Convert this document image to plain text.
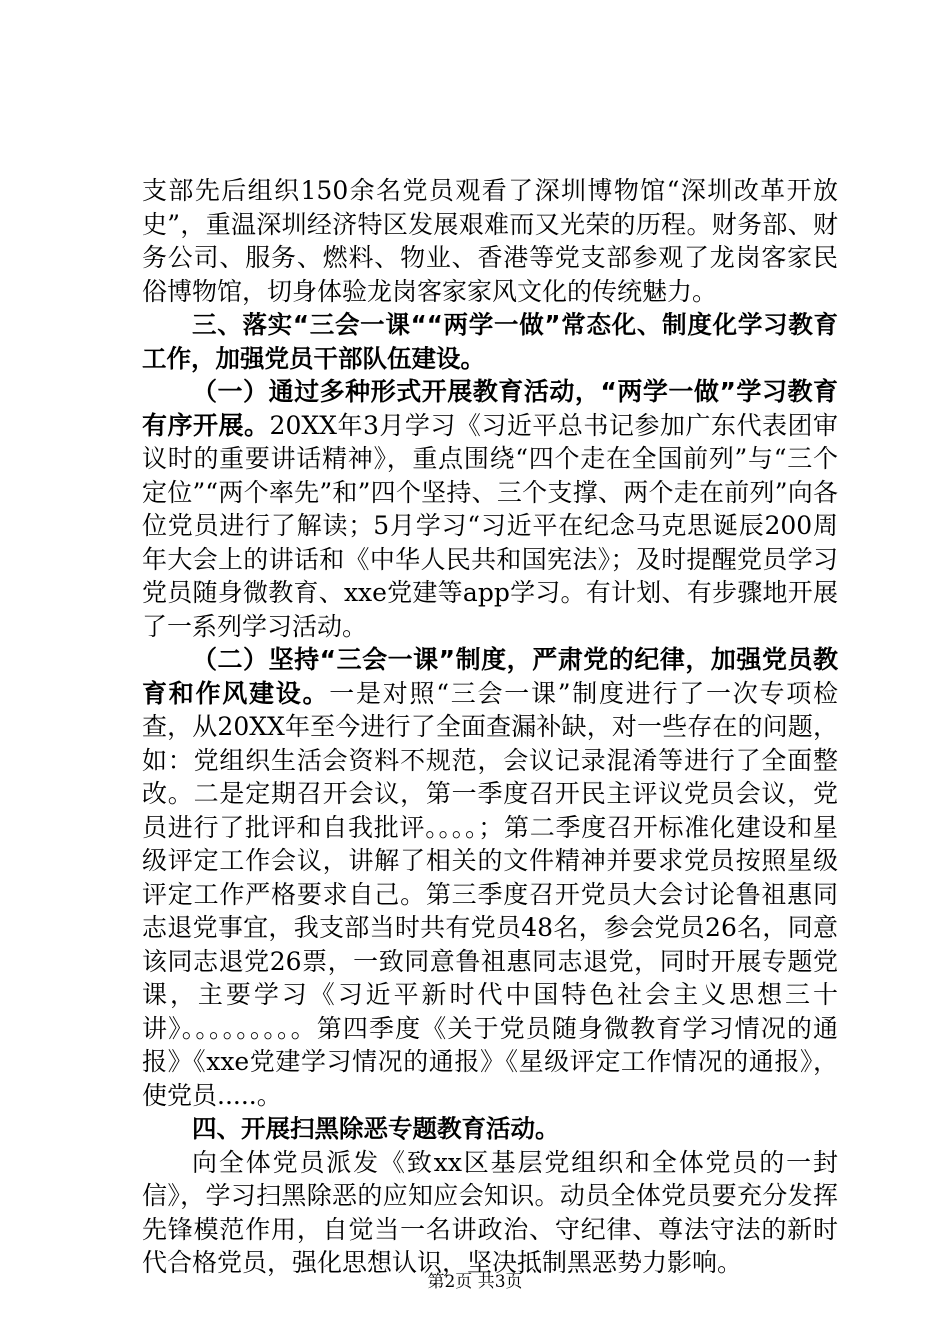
支部先后组织150余名党员观看了深圳博物馆“深圳改革开放史”，重温深圳经济特区发展艰难而又光荣的历程。财务部、财务公司、服务、燃料、物业、香港等党支部参观了龙岗客家民俗博物馆，切身体验龙岗客家家风文化的传统魅力。

三、落实“三会一课““两学一做”常态化、制度化学习教育工作，加强党员干部队伍建设。

（一）通过多种形式开展教育活动，“两学一做”学习教育有序开展。20XX年3月学习《习近平总书记参加广东代表团审议时的重要讲话精神》，重点围绕“四个走在全国前列”与“三个定位”“两个率先”和”四个坚持、三个支撑、两个走在前列”向各位党员进行了解读；5月学习“习近平在纪念马克思诞辰200周年大会上的讲话和《中华人民共和国宪法》；及时提醒党员学习党员随身微教育、xxe党建等app学习。有计划、有步骤地开展了一系列学习活动。

（二）坚持“三会一课”制度，严肃党的纪律，加强党员教育和作风建设。一是对照“三会一课”制度进行了一次专项检查，从20XX年至今进行了全面查漏补缺，对一些存在的问题，如：党组织生活会资料不规范，会议记录混淆等进行了全面整改。二是定期召开会议，第一季度召开民主评议党员会议，党员进行了批评和自我批评。。。。；第二季度召开标准化建设和星级评定工作会议，讲解了相关的文件精神并要求党员按照星级评定工作严格要求自己。第三季度召开党员大会讨论鲁祖惠同志退党事宜，我支部当时共有党员48名，参会党员26名，同意该同志退党26票，一致同意鲁祖惠同志退党，同时开展专题党课，主要学习《习近平新时代中国特色社会主义思想三十讲》。。。。。。。。。第四季度《关于党员随身微教育学习情况的通报》《xxe党建学习情况的通报》《星级评定工作情况的通报》，使党员.....。

四、开展扫黑除恶专题教育活动。

向全体党员派发《致xx区基层党组织和全体党员的一封信》，学习扫黑除恶的应知应会知识。动员全体党员要充分发挥先锋模范作用，自觉当一名讲政治、守纪律、尊法守法的新时代合格党员，强化思想认识，坚决抵制黑恶势力影响。

第2页 共3页
